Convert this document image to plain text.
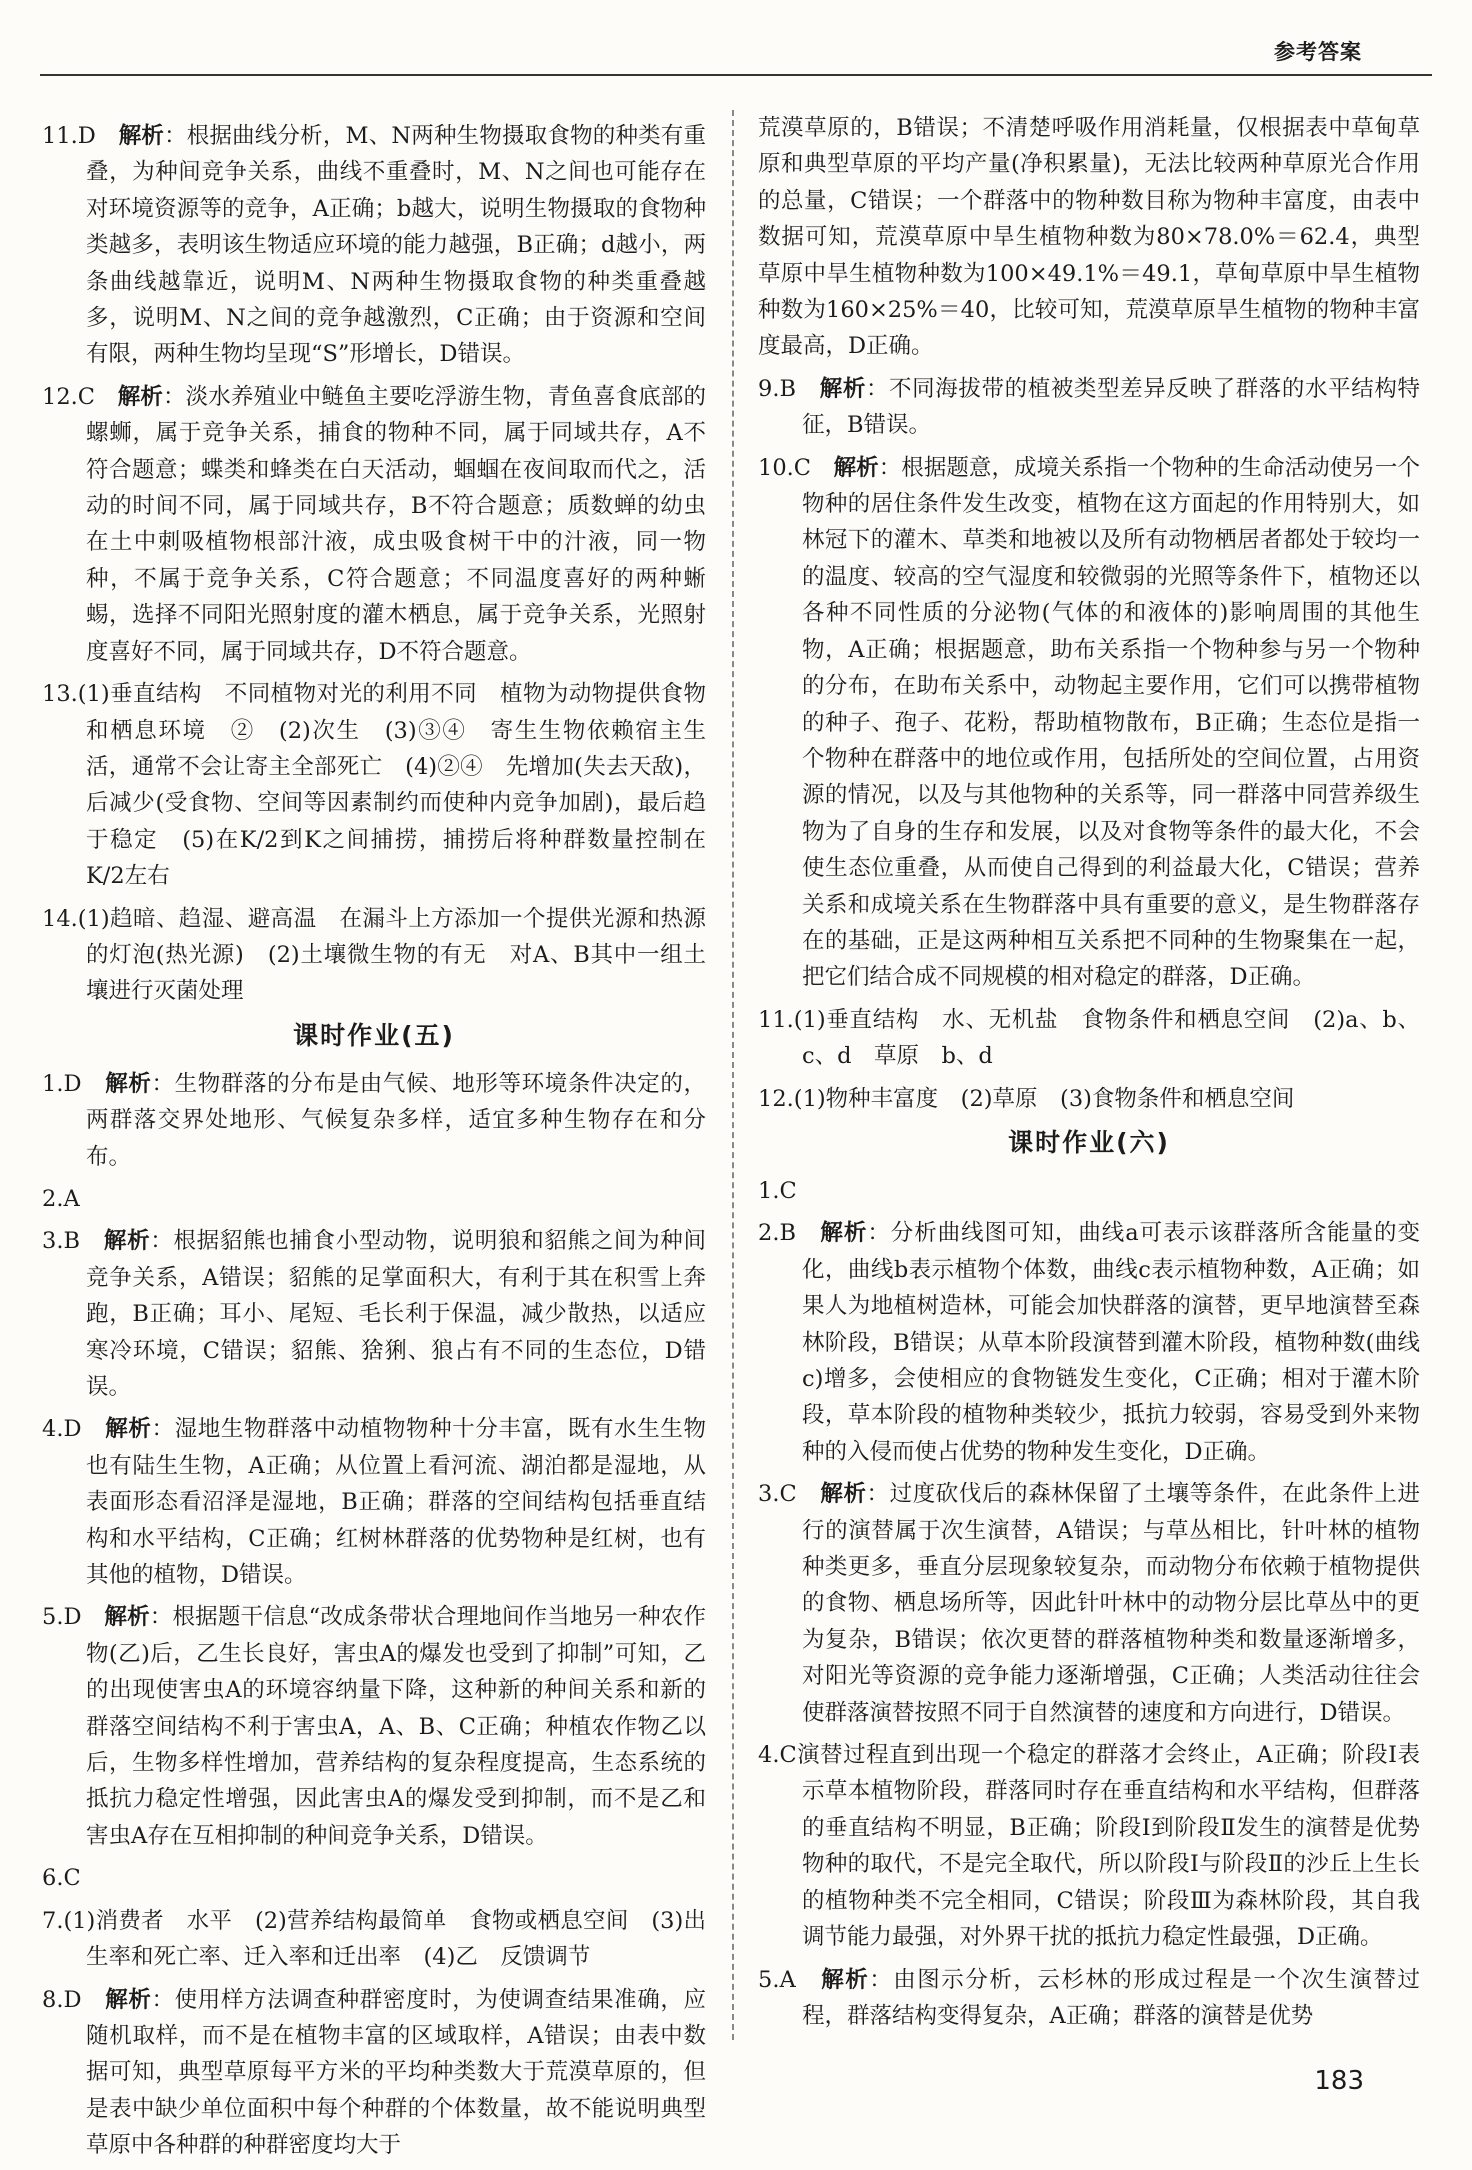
参考答案
11.D　 解析：根据曲线分析，M、N两种生物摄取食物的种类有重叠，为种间竞争关系，曲线不重叠时，M、N之间也可能存在对环境资源等的竞争，A正确；b越大，说明生物摄取的食物种类越多，表明该生物适应环境的能力越强，B正确；d越小，两条曲线越靠近，说明M、N两种生物摄取食物的种类重叠越多，说明M、N之间的竞争越激烈，C正确；由于资源和空间有限，两种生物均呈现“S”形增长，D错误。
12.C　 解析：淡水养殖业中鲢鱼主要吃浮游生物，青鱼喜食底部的螺蛳，属于竞争关系，捕食的物种不同，属于同域共存，A不符合题意；蝶类和蜂类在白天活动，蝈蝈在夜间取而代之，活动的时间不同，属于同域共存，B不符合题意；质数蝉的幼虫在土中刺吸植物根部汁液，成虫吸食树干中的汁液，同一物种，不属于竞争关系，C符合题意；不同温度喜好的两种蜥蜴，选择不同阳光照射度的灌木栖息，属于竞争关系，光照射度喜好不同，属于同域共存，D不符合题意。
13.(1)垂直结构　不同植物对光的利用不同　植物为动物提供食物和栖息环境　②　(2)次生　(3)③④　寄生生物依赖宿主生活，通常不会让寄主全部死亡　(4)②④　先增加(失去天敌)，后减少(受食物、空间等因素制约而使种内竞争加剧)，最后趋于稳定　(5)在K/2到K之间捕捞，捕捞后将种群数量控制在K/2左右
14.(1)趋暗、趋湿、避高温　在漏斗上方添加一个提供光源和热源的灯泡(热光源)　(2)土壤微生物的有无　对A、B其中一组土壤进行灭菌处理
课时作业(五)
1.D　 解析：生物群落的分布是由气候、地形等环境条件决定的，两群落交界处地形、气候复杂多样，适宜多种生物存在和分布。
2.A
3.B　 解析：根据貂熊也捕食小型动物，说明狼和貂熊之间为种间竞争关系，A错误；貂熊的足掌面积大，有利于其在积雪上奔跑，B正确；耳小、尾短、毛长利于保温，减少散热，以适应寒冷环境，C错误；貂熊、猞猁、狼占有不同的生态位，D错误。
4.D　 解析：湿地生物群落中动植物物种十分丰富，既有水生生物也有陆生生物，A正确；从位置上看河流、湖泊都是湿地，从表面形态看沼泽是湿地，B正确；群落的空间结构包括垂直结构和水平结构，C正确；红树林群落的优势物种是红树，也有其他的植物，D错误。
5.D　 解析：根据题干信息“改成条带状合理地间作当地另一种农作物(乙)后，乙生长良好，害虫A的爆发也受到了抑制”可知，乙的出现使害虫A的环境容纳量下降，这种新的种间关系和新的群落空间结构不利于害虫A，A、B、C正确；种植农作物乙以后，生物多样性增加，营养结构的复杂程度提高，生态系统的抵抗力稳定性增强，因此害虫A的爆发受到抑制，而不是乙和害虫A存在互相抑制的种间竞争关系，D错误。
6.C
7.(1)消费者　水平　(2)营养结构最简单　食物或栖息空间　(3)出生率和死亡率、迁入率和迁出率　(4)乙　反馈调节
8.D　 解析：使用样方法调查种群密度时，为使调查结果准确，应随机取样，而不是在植物丰富的区域取样，A错误；由表中数据可知，典型草原每平方米的平均种类数大于荒漠草原的，但是表中缺少单位面积中每个种群的个体数量，故不能说明典型草原中各种群的种群密度均大于
荒漠草原的，B错误；不清楚呼吸作用消耗量，仅根据表中草甸草原和典型草原的平均产量(净积累量)，无法比较两种草原光合作用的总量，C错误；一个群落中的物种数目称为物种丰富度，由表中数据可知，荒漠草原中旱生植物种数为80×78.0%＝62.4，典型草原中旱生植物种数为100×49.1%＝49.1，草甸草原中旱生植物种数为160×25%＝40，比较可知，荒漠草原旱生植物的物种丰富度最高，D正确。
9.B　 解析：不同海拔带的植被类型差异反映了群落的水平结构特征，B错误。
10.C　 解析：根据题意，成境关系指一个物种的生命活动使另一个物种的居住条件发生改变，植物在这方面起的作用特别大，如林冠下的灌木、草类和地被以及所有动物栖居者都处于较均一的温度、较高的空气湿度和较微弱的光照等条件下，植物还以各种不同性质的分泌物(气体的和液体的)影响周围的其他生物，A正确；根据题意，助布关系指一个物种参与另一个物种的分布，在助布关系中，动物起主要作用，它们可以携带植物的种子、孢子、花粉，帮助植物散布，B正确；生态位是指一个物种在群落中的地位或作用，包括所处的空间位置，占用资源的情况，以及与其他物种的关系等，同一群落中同营养级生物为了自身的生存和发展，以及对食物等条件的最大化，不会使生态位重叠，从而使自己得到的利益最大化，C错误；营养关系和成境关系在生物群落中具有重要的意义，是生物群落存在的基础，正是这两种相互关系把不同种的生物聚集在一起，把它们结合成不同规模的相对稳定的群落，D正确。
11.(1)垂直结构　水、无机盐　食物条件和栖息空间　(2)a、b、c、d　草原　b、d
12.(1)物种丰富度　(2)草原　(3)食物条件和栖息空间
课时作业(六)
1.C
2.B　 解析：分析曲线图可知，曲线a可表示该群落所含能量的变化，曲线b表示植物个体数，曲线c表示植物种数，A正确；如果人为地植树造林，可能会加快群落的演替，更早地演替至森林阶段，B错误；从草本阶段演替到灌木阶段，植物种数(曲线c)增多，会使相应的食物链发生变化，C正确；相对于灌木阶段，草本阶段的植物种类较少，抵抗力较弱，容易受到外来物种的入侵而使占优势的物种发生变化，D正确。
3.C　 解析：过度砍伐后的森林保留了土壤等条件，在此条件上进行的演替属于次生演替，A错误；与草丛相比，针叶林的植物种类更多，垂直分层现象较复杂，而动物分布依赖于植物提供的食物、栖息场所等，因此针叶林中的动物分层比草丛中的更为复杂，B错误；依次更替的群落植物种类和数量逐渐增多，对阳光等资源的竞争能力逐渐增强，C正确；人类活动往往会使群落演替按照不同于自然演替的速度和方向进行，D错误。
4.C演替过程直到出现一个稳定的群落才会终止，A正确；阶段Ⅰ表示草本植物阶段，群落同时存在垂直结构和水平结构，但群落的垂直结构不明显，B正确；阶段Ⅰ到阶段Ⅱ发生的演替是优势物种的取代，不是完全取代，所以阶段Ⅰ与阶段Ⅱ的沙丘上生长的植物种类不完全相同，C错误；阶段Ⅲ为森林阶段，其自我调节能力最强，对外界干扰的抵抗力稳定性最强，D正确。
5.A　 解析：由图示分析，云杉林的形成过程是一个次生演替过程，群落结构变得复杂，A正确；群落的演替是优势
183
